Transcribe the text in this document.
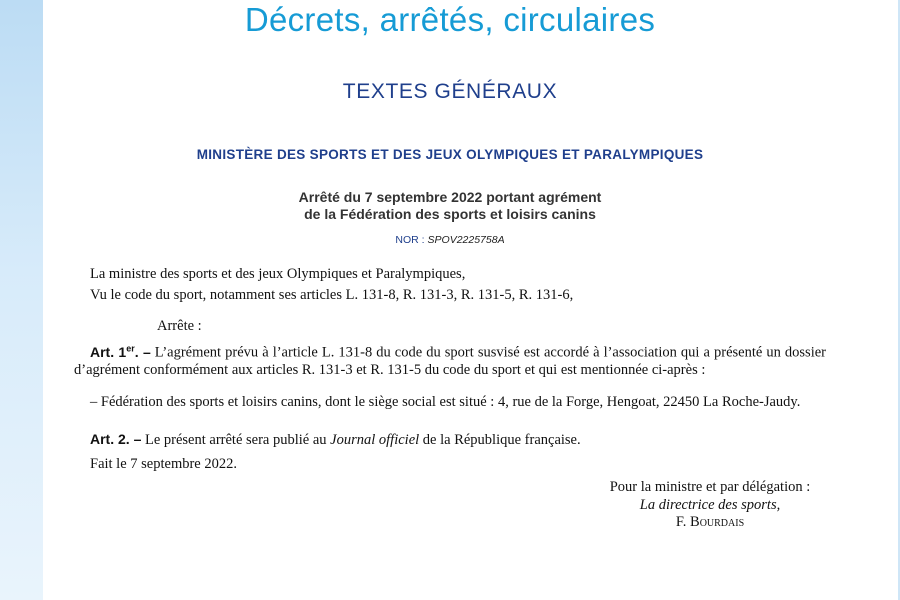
Décrets, arrêtés, circulaires
TEXTES GÉNÉRAUX
MINISTÈRE DES SPORTS ET DES JEUX OLYMPIQUES ET PARALYMPIQUES
Arrêté du 7 septembre 2022 portant agrément
de la Fédération des sports et loisirs canins
NOR : SPOV2225758A
La ministre des sports et des jeux Olympiques et Paralympiques,
Vu le code du sport, notamment ses articles L. 131-8, R. 131-3, R. 131-5, R. 131-6,
Arrête :
Art. 1er. – L’agrément prévu à l’article L. 131-8 du code du sport susvisé est accordé à l’association qui a présenté un dossier d’agrément conformément aux articles R. 131-3 et R. 131-5 du code du sport et qui est mentionnée ci-après :
– Fédération des sports et loisirs canins, dont le siège social est situé : 4, rue de la Forge, Hengoat, 22450 La Roche-Jaudy.
Art. 2. – Le présent arrêté sera publié au Journal officiel de la République française.
Fait le 7 septembre 2022.
Pour la ministre et par délégation :
La directrice des sports,
F. Bourdais
